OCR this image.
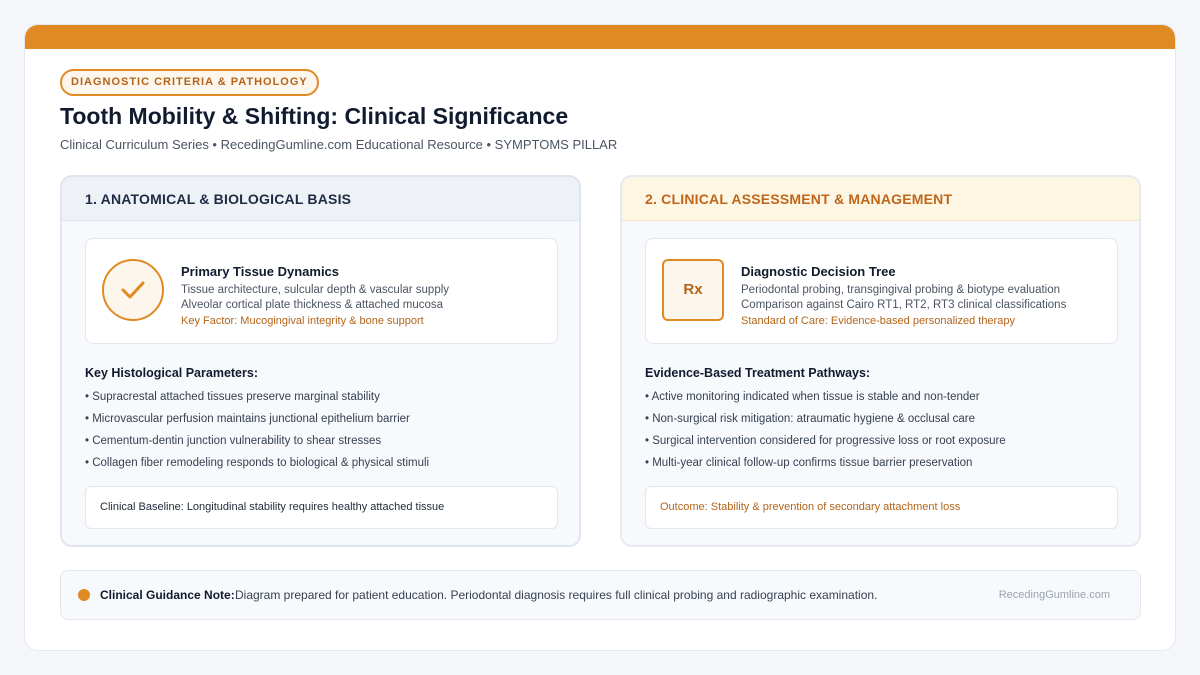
DIAGNOSTIC CRITERIA & PATHOLOGY
Tooth Mobility & Shifting: Clinical Significance
Clinical Curriculum Series • RecedingGumline.com Educational Resource • SYMPTOMS PILLAR
1. ANATOMICAL & BIOLOGICAL BASIS
Primary Tissue Dynamics
Tissue architecture, sulcular depth & vascular supply
Alveolar cortical plate thickness & attached mucosa
Key Factor: Mucogingival integrity & bone support
Key Histological Parameters:
• Supracrestal attached tissues preserve marginal stability
• Microvascular perfusion maintains junctional epithelium barrier
• Cementum-dentin junction vulnerability to shear stresses
• Collagen fiber remodeling responds to biological & physical stimuli
Clinical Baseline: Longitudinal stability requires healthy attached tissue
2. CLINICAL ASSESSMENT & MANAGEMENT
Rx
Diagnostic Decision Tree
Periodontal probing, transgingival probing & biotype evaluation
Comparison against Cairo RT1, RT2, RT3 clinical classifications
Standard of Care: Evidence-based personalized therapy
Evidence-Based Treatment Pathways:
• Active monitoring indicated when tissue is stable and non-tender
• Non-surgical risk mitigation: atraumatic hygiene & occlusal care
• Surgical intervention considered for progressive loss or root exposure
• Multi-year clinical follow-up confirms tissue barrier preservation
Outcome: Stability & prevention of secondary attachment loss
Clinical Guidance Note: Diagram prepared for patient education. Periodontal diagnosis requires full clinical probing and radiographic examination.	RecedingGumline.com
